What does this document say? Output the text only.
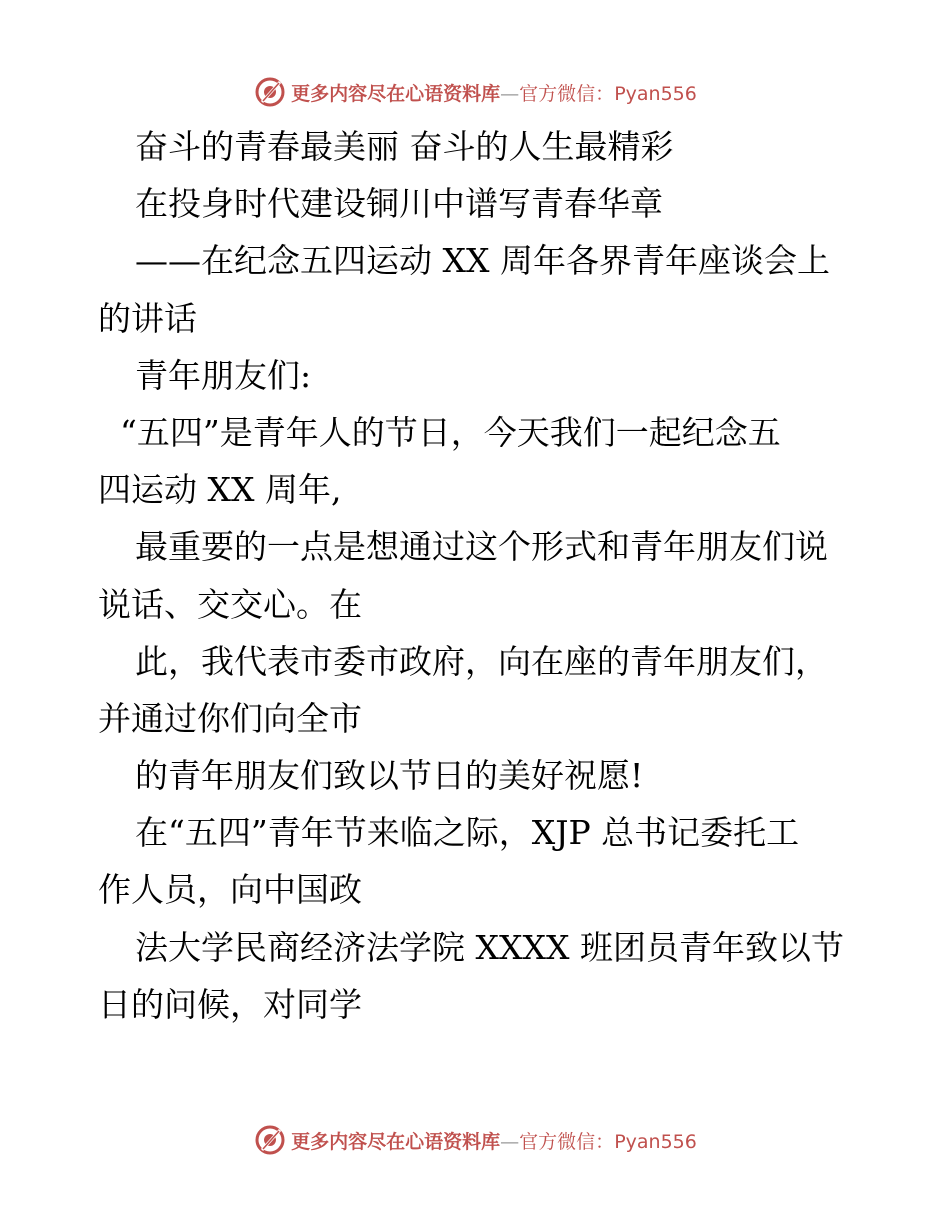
更多内容尽在心语资料库—官方微信：Pyan556
奋斗的青春最美丽 奋斗的人生最精彩
在投身时代建设铜川中谱写青春华章
——在纪念五四运动 XX 周年各界青年座谈会上
的讲话
青年朋友们:
“五四”是青年人的节日，今天我们一起纪念五
四运动 XX 周年,
最重要的一点是想通过这个形式和青年朋友们说
说话、交交心。在
此，我代表市委市政府，向在座的青年朋友们，
并通过你们向全市
的青年朋友们致以节日的美好祝愿!
在“五四”青年节来临之际，XJP 总书记委托工
作人员，向中国政
法大学民商经济法学院 XXXX 班团员青年致以节
日的问候，对同学
更多内容尽在心语资料库—官方微信：Pyan556
